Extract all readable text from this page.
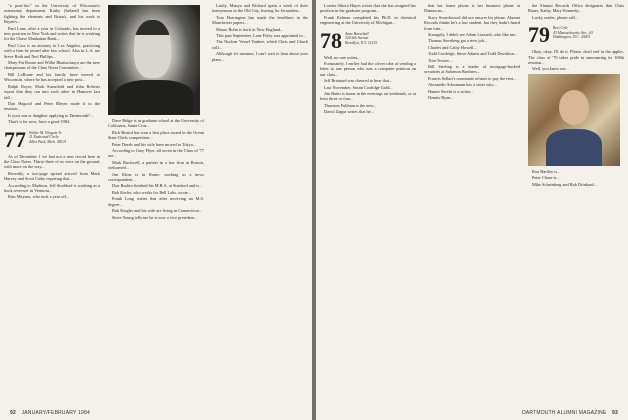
"a post-doc" in the University of Wisconsin's astronomy department. Kathy (Ireland) has been fighting the elements and Brian's, and his work is Bryan's...

Paul Lane, after a year in Colorado, has moved to a new position in New York and writes that he is working for the Chase Manhattan Bank...

Paul Cass is an attorney in Los Angeles, practicing with a firm he joined after law school. Also in L.A. are Steve Roth and Ned Phillips...

Mary Pat Boone and Willie Bhattacharya are the new chairpersons of the Class Notes Committee...

Bill LaBonte and his family have moved to Wisconsin, where he has accepted a new post...

Ralph Boyer, Mark Stansfield and John Roberts report that they ran into each other in Hanover last fall...

Dan Hagood and Peter Bleyer made it to the reunion...

Is your son or daughter applying to Dartmouth? ...

That's it for now; have a good 1984.

77 Walter M. Wingate Jr.
11 Eastwood Circle
Allen Park, Mich. 48101

As of December 1 we had not a new record here in the Class Notes. Thirty-three of us were on the ground, with more on the way...

Recently, a two-page spread arrived from Mark Harvey and Scott Cathy reporting that...

According to Madison, Jeff Stoddard is working as a book reviewer in Vermont...

Kim Mayans, who took a year off...

Dave Ridge is in graduate school at the University of California, Santa Cruz...

Rick Bristol has won a first place award in the Ocean State Chefs competition...

Peter Deeds and his wife have moved to Tokyo...

According to Gary Flyer, all seven in the Class of '77 are...

Mark Buckwell, a partner in a law firm in Boston, welcomed...

Jim Kline is in Rome, working as a news correspondent...

Don Ruskin finished his M.B.A. at Stanford and is...

Bob Kiefer, who works for Bell Labs, wrote...

Frank Long writes that after receiving an M.S. degree...

Bob Kiegler and his wife are living in Connecticut...

Steve Young tells me he is now a vice president...

Lastly, Manya and Richard spent a week of their honeymoon in the Old City, leaving for Jerusalem...

Tom Harrington has made the headlines in the Manchester papers...

Mauro Rohn is back in New England...

This past September, Lane Foley was appointed to...

The Nuclear Vessel Yankee, which Chris and Chuck will...

Although it's summer, I can't wait to hear about your plans...

92 JANUARY/FEBRUARY 1984

Loretta Sikora Hayes writes that she has resigned her position in the graduate program...

Frank Kelman completed his Ph.D. in chemical engineering at the University of Michigan...

78 Anne Barschall
324 6th Avenue
Brooklyn, N.Y. 11215

Well, no one writes...

Fortunately, I earlier had the clever idea of sending a letter to one person who was a computer printout on our class...

Jeff Brainard was cheered to hear that...

Last November, Susan Coolidge Gold...

Jim Bates is home in the evenings on weekends, or at least three or four...

Thurston Fullman is the new...

David Zappa writes that he...

that her home phone is her business phone at Damascus...

Stacy Swarthwood did not answer his phone. Alumni Records thinks he's a law student, but they hadn't heard from him...

Strangely, I didn't see Adam Lizzardi, who like me...

Thomas Sternberg got a new job...

Charles and Cathy Howell...

Todd Crosleigh, Steve Adams and Todd Davidson...

Tom Tessier ...

Bill Sterling is a leader of mortgage-backed securities at Salomon Brothers...

Francis Sellari's roommate refuses to pay the rent...

Alexander Schumann has a sister who...

Hunter Seretti is a writer...

Dennis Ryan...

the Alumni Records Office designates that Chris Bauer, Kathy, Mary Kennedy...

Lucky reader, please call...

79 Bert Cole
43 Massachusetts Ave., #3
Washington, D.C. 20001

Okay, okay, I'll do it. Please, don't reel in the apples. The class of '79 takes pride in announcing its 108th reunion...

Well, you know me...

Ron Hartley is...

Peter Chase is...

Mike Scheinberg and Bob Drinkard...

DARTMOUTH ALUMNI MAGAZINE 93
